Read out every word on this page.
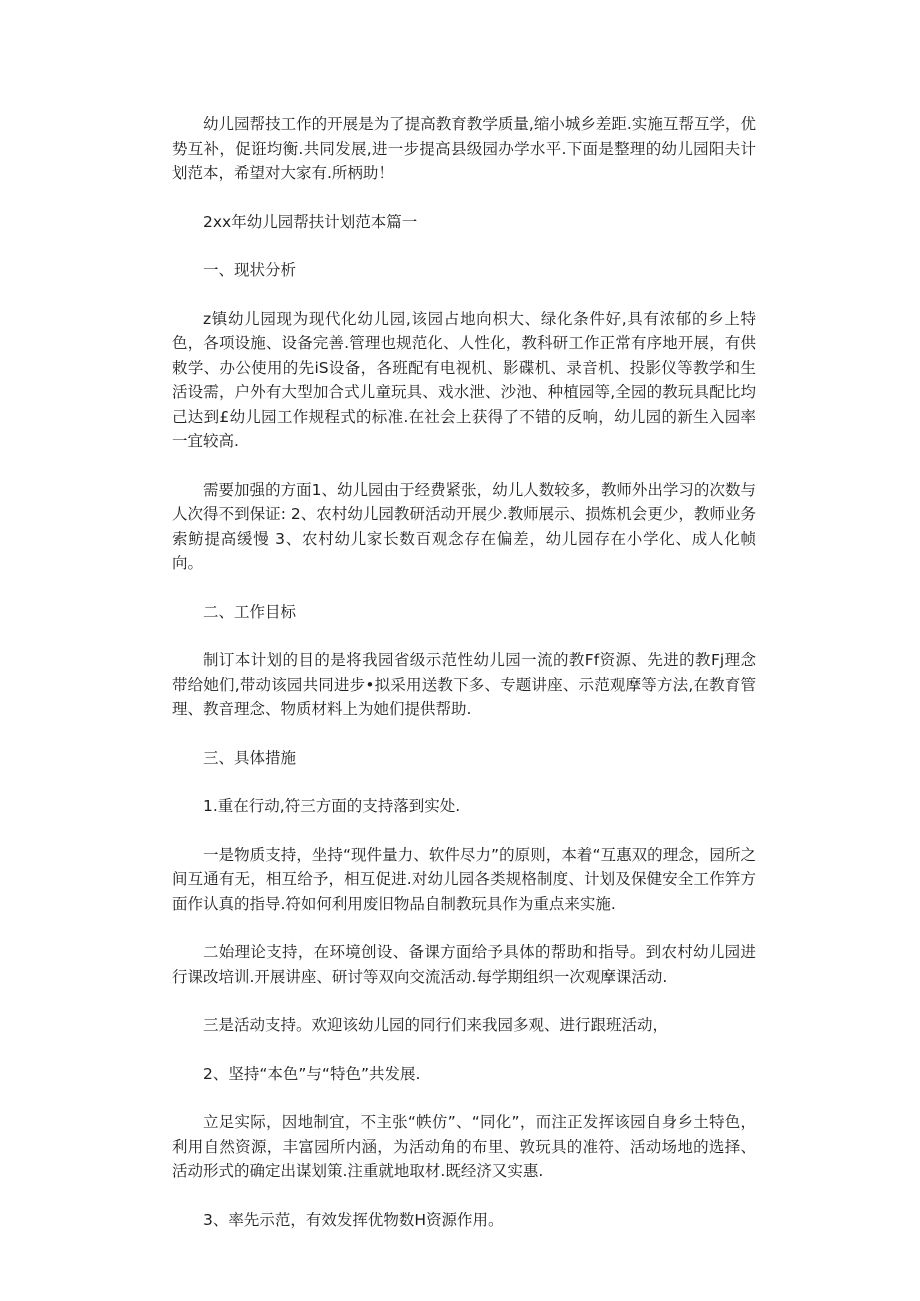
幼儿园帮技工作的开展是为了提高教育教学质量,缩小城乡差距.实施互帮互学，优势互补，促诳均衡.共同发展,进一步提高县级园办学水平.下面是整理的幼儿园阳夫计划范本，希望对大家有.所柄助！

2xx年幼儿园帮扶计划范本篇一

一、现状分析

z镇幼儿园现为现代化幼儿园,该园占地向枳大、绿化条件好,具有浓郁的乡上特色，各项设施、设备完善.管理也规范化、人性化，教科研工作正常有序地开展，有供敕学、办公使用的先iS设备，各班配有电视机、影碟机、录音机、投影仪等教学和生活设需，户外有大型加合式儿童玩具、戏水泄、沙池、种植园等,全园的教玩具配比均己达到£幼儿园工作规程式的标准.在社会上获得了不错的反响，幼儿园的新生入园率一宜较高.

需要加强的方面1、幼儿园由于经费紧张，幼儿人数较多，教师外出学习的次数与人次得不到保证: 2、农村幼儿园教研活动开展少.教师展示、损炼机会更少，教师业务索鲂提高缓慢 3、农村幼儿家长数百观念存在偏差，幼儿园存在小学化、成人化帧向。

二、工作目标

制订本计划的目的是将我园省级示范性幼儿园一流的教Ff资源、先进的教Fj理念带给她们,带动该园共同进步•拟采用送教下多、专题讲座、示范观摩等方法,在教育管理、教音理念、物质材料上为她们提供帮助.

三、具体措施

1.重在行动,符三方面的支持落到实处.

一是物质支持，坐持“现件量力、软件尽力”的原则，本着“互惠双的理念，园所之间互通有无，相互给予，相互促进.对幼儿园各类规格制度、计划及保健安全工作笄方面作认真的指导.符如何利用废旧物品自制教玩具作为重点来实施.

二始理论支持，在环境创设、备课方面给予具体的帮助和指导。到农村幼儿园进行课改培训.开展讲座、研讨等双向交流活动.每学期组织一次观摩课活动.

三是活动支持。欢迎该幼儿园的同行们来我园多观、进行跟班活动，

2、坚持“本色”与“特色”共发展.

立足实际，因地制宜，不主张“帙仿”、“同化”，而注正发挥该园自身乡土特色，利用自然资源，丰富园所内涵，为活动角的布里、敦玩具的准符、活动场地的选择、活动形式的确定出谋划策.注重就地取材.既经济又实惠.

3、率先示范，有效发挥优物数H资源作用。
